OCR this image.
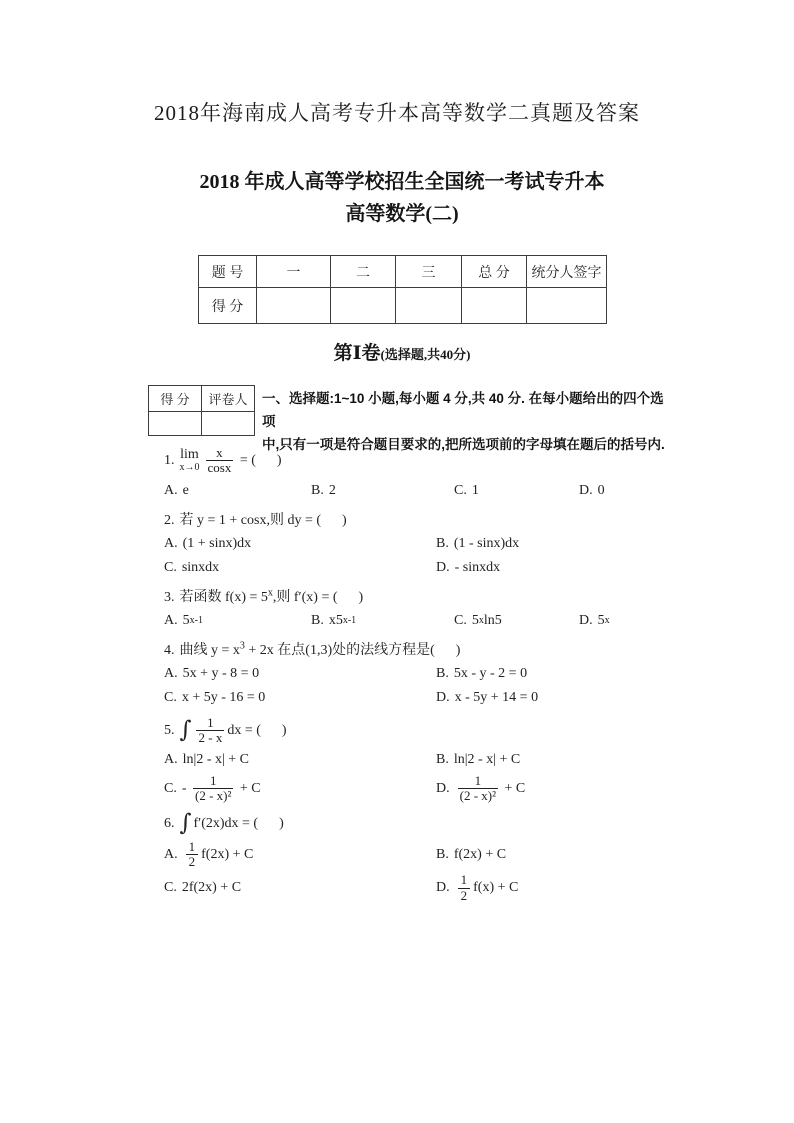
2018年海南成人高考专升本高等数学二真题及答案
2018 年成人高等学校招生全国统一考试专升本
高等数学(二)
题 号	一	二	三	总 分	统分人签字
得 分					
第Ⅰ卷(选择题,共40分)
得 分	评卷人
	一、选择题:1~10 小题,每小题 4 分,共 40 分. 在每小题给出的四个选项
中,只有一项是符合题目要求的,把所选项前的字母填在题后的括号内.
1. lim
$x\to 0 \frac{x}{\cos x}$ = (      )
A. e	B. 2	C. 1	D. 0
2. 若 y = 1 + cosx,则 dy = (      )
A. (1 + sinx)dx	B. (1 - sinx)dx
C. sinxdx	D. - sinxdx
3. 若函数 $f(x) = 5^x$,则 f′(x) = (      )
A. 5 x-1	B. x5 x-1	C. 5 x ln5	D. 5 x
4. 曲线 $y = x^3 + 2x$ 在点(1,3)处的法线方程是(      )
A. 5x + y - 8 = 0	B. 5x - y - 2 = 0
C. x + 5y - 16 = 0	D. x - 5y + 14 = 0
5. ∫ $\frac{1}{2 - x}$ dx = (      )
A. ln|2 - x| + C	B. ln|2 - x| + C
C. - $\frac{1}{\text{(2 - x)²}} + C$	D. $\frac{1}{\text{(2 - x)²}} + C$
6. ∫ f′(2x)dx = (      )
A. $\frac{1}{2} f(2x) + C$	B. f(2x) + C
C. 2f(2x) + C	D. $\frac{1}{2} f(x) + C$
